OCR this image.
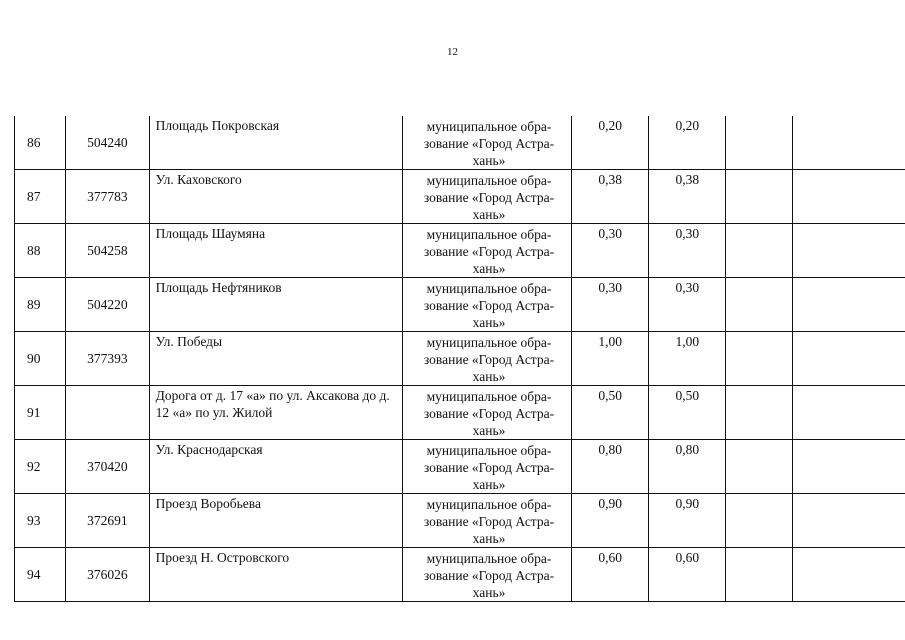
12
86	504240	Площадь Покровская	муниципальное обра-
зование «Город Астра-
хань»	0,20	0,20		
87	377783	Ул. Каховского	муниципальное обра-
зование «Город Астра-
хань»	0,38	0,38		
88	504258	Площадь Шаумяна	муниципальное обра-
зование «Город Астра-
хань»	0,30	0,30		
89	504220	Площадь Нефтяников	муниципальное обра-
зование «Город Астра-
хань»	0,30	0,30		
90	377393	Ул. Победы	муниципальное обра-
зование «Город Астра-
хань»	1,00	1,00		
91		Дорога от д. 17 «а» по ул. Аксакова до д. 12 «а» по ул. Жилой	муниципальное обра-
зование «Город Астра-
хань»	0,50	0,50		
92	370420	Ул. Краснодарская	муниципальное обра-
зование «Город Астра-
хань»	0,80	0,80		
93	372691	Проезд Воробьева	муниципальное обра-
зование «Город Астра-
хань»	0,90	0,90		
94	376026	Проезд Н. Островского	муниципальное обра-
зование «Город Астра-
хань»	0,60	0,60		
